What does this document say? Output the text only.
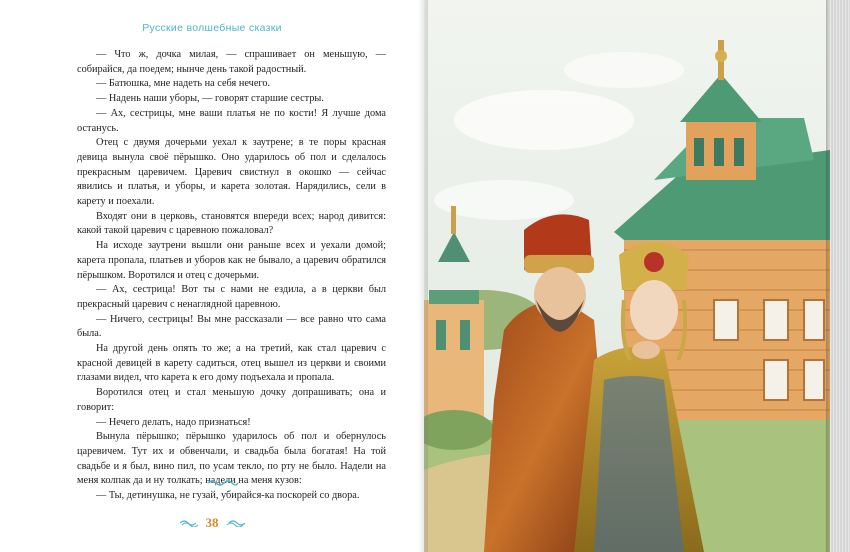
Русские волшебные сказки

— Что ж, дочка милая, — спрашивает он меньшую, — собирайся, да поедем; нынче день такой радостный.

— Батюшка, мне надеть на себя нечего.

— Надень наши уборы, — говорят старшие сестры.

— Ах, сестрицы, мне ваши платья не по кости! Я лучше дома останусь.

Отец с двумя дочерьми уехал к заутрене; в те поры красная девица вынула своё пёрышко. Оно ударилось об пол и сделалось прекрасным царевичем. Царевич свистнул в окошко — сейчас явились и платья, и уборы, и карета золотая. Нарядились, сели в карету и поехали.

Входят они в церковь, становятся впереди всех; народ дивится: какой такой царевич с царевною пожаловал?

На исходе заутрени вышли они раньше всех и уехали домой; карета пропала, платьев и уборов как не бывало, а царевич обратился пёрышком. Воротился и отец с дочерьми.

— Ах, сестрица! Вот ты с нами не ездила, а в церкви был прекрасный царевич с ненаглядной царевною.

— Ничего, сестрицы! Вы мне рассказали — все равно что сама была.

На другой день опять то же; а на третий, как стал царевич с красной девицей в карету садиться, отец вышел из церкви и своими глазами видел, что карета к его дому подъехала и пропала.

Воротился отец и стал меньшую дочку допрашивать; она и говорит:

— Нечего делать, надо признаться!

Вынула пёрышко; пёрышко ударилось об пол и обернулось царевичем. Тут их и обвенчали, и свадьба была богатая! На той свадьбе и я был, вино пил, по усам текло, по рту не было. Надели на меня колпак да и ну толкать; надели на меня кузов:

— Ты, детинушка, не гузай, убирайся-ка поскорей со двора.

38
